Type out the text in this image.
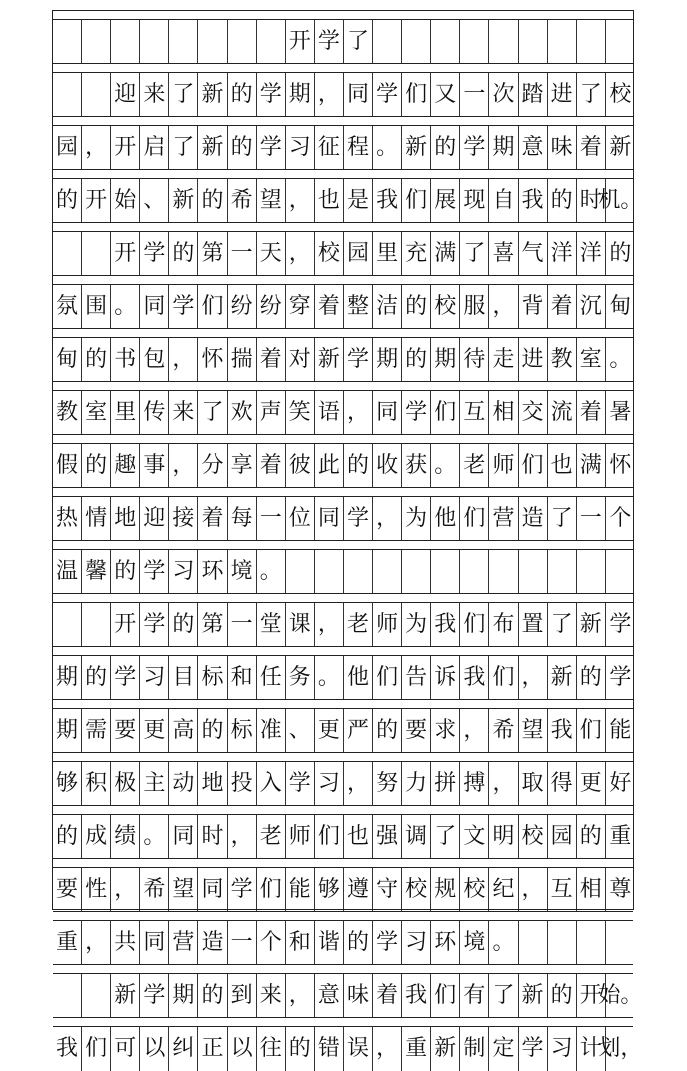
开 学 了
迎 来 了 新 的 学 期 ， 同 学 们 又 一 次 踏 进 了 校
园 ， 开 启 了 新 的 学 习 征 程 。 新 的 学 期 意 味 着 新
的 开 始 、 新 的 希 望 ， 也 是 我 们 展 现 自 我 的 时
机。
开 学 的 第 一 天 ， 校 园 里 充 满 了 喜 气 洋 洋 的
氛 围 。 同 学 们 纷 纷 穿 着 整 洁 的 校 服 ， 背 着 沉 甸
甸 的 书 包 ， 怀 揣 着 对 新 学 期 的 期 待 走 进 教 室 。
教 室 里 传 来 了 欢 声 笑 语 ， 同 学 们 互 相 交 流 着 暑
假 的 趣 事 ， 分 享 着 彼 此 的 收 获 。 老 师 们 也 满 怀
热 情 地 迎 接 着 每 一 位 同 学 ， 为 他 们 营 造 了 一 个
温 馨 的 学 习 环 境 。
开 学 的 第 一 堂 课 ， 老 师 为 我 们 布 置 了 新 学
期 的 学 习 目 标 和 任 务 。 他 们 告 诉 我 们 ， 新 的 学
期 需 要 更 高 的 标 准 、 更 严 的 要 求 ， 希 望 我 们 能
够 积 极 主 动 地 投 入 学 习 ， 努 力 拼 搏 ， 取 得 更 好
的 成 绩 。 同 时 ， 老 师 们 也 强 调 了 文 明 校 园 的 重
要 性 ， 希 望 同 学 们 能 够 遵 守 校 规 校 纪 ， 互 相 尊
重 ， 共 同 营 造 一 个 和 谐 的 学 习 环 境 。
新 学 期 的 到 来 ， 意 味 着 我 们 有 了 新 的 开
始。
我 们 可 以 纠 正 以 往 的 错 误 ， 重 新 制 定 学 习 计
划，
